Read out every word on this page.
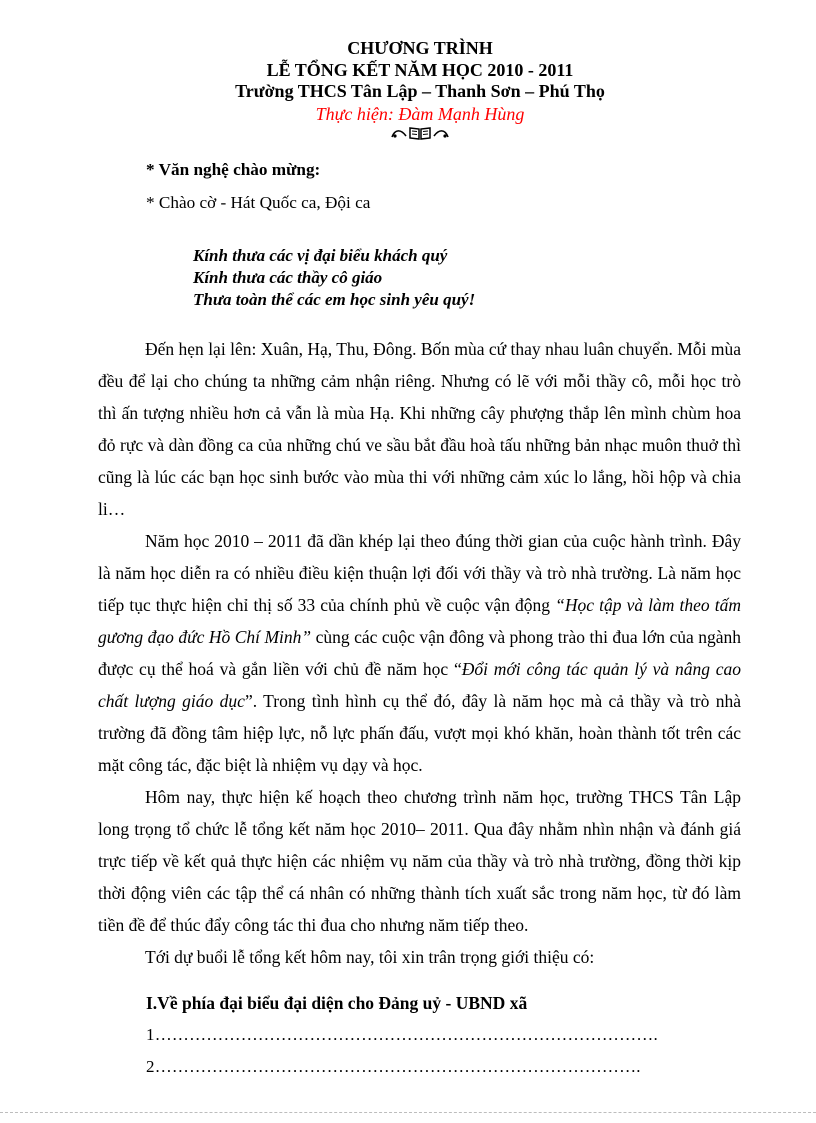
CHƯƠNG TRÌNH
LỄ TỔNG KẾT NĂM HỌC 2010 - 2011
Trường THCS Tân Lập – Thanh Sơn – Phú Thọ
Thực hiện: Đàm Mạnh Hùng
* Văn nghệ chào mừng:
* Chào cờ - Hát Quốc ca, Đội ca
Kính thưa các vị đại biểu khách quý
Kính thưa các thầy cô giáo
Thưa toàn thể các em học sinh yêu quý!

Đến hẹn lại lên: Xuân, Hạ, Thu, Đông. Bốn mùa cứ thay nhau luân chuyển. Mỗi mùa đều để lại cho chúng ta những cảm nhận riêng. Nhưng có lẽ với mỗi thầy cô, mỗi học trò thì ấn tượng nhiều hơn cả vẫn là mùa Hạ. Khi những cây phượng thắp lên mình chùm hoa đỏ rực và dàn đồng ca của những chú ve sầu bắt đầu hoà tấu những bản nhạc muôn thuở thì cũng là lúc các bạn học sinh bước vào mùa thi với những cảm xúc lo lắng, hồi hộp và chia li…

Năm học 2010 – 2011 đã dần khép lại theo đúng thời gian của cuộc hành trình. Đây là năm học diễn ra có nhiều điều kiện thuận lợi đối với thầy và trò nhà trường. Là năm học tiếp tục thực hiện chỉ thị số 33 của chính phủ về cuộc vận động “Học tập và làm theo tấm gương đạo đức Hồ Chí Minh” cùng các cuộc vận đông và phong trào thi đua lớn của ngành được cụ thể hoá và gắn liền với chủ đề năm học “Đổi mới công tác quản lý và nâng cao chất lượng giáo dục”. Trong tình hình cụ thể đó, đây là năm học mà cả thầy và trò nhà trường đã đồng tâm hiệp lực, nỗ lực phấn đấu, vượt mọi khó khăn, hoàn thành tốt trên các mặt công tác, đặc biệt là nhiệm vụ dạy và học.

Hôm nay, thực hiện kế hoạch theo chương trình năm học, trường THCS Tân Lập long trọng tổ chức lễ tổng kết năm học 2010– 2011. Qua đây nhằm nhìn nhận và đánh giá trực tiếp về kết quả thực hiện các nhiệm vụ năm của thầy và trò nhà trường, đồng thời kịp thời động viên các tập thể cá nhân có những thành tích xuất sắc trong năm học, từ đó làm tiền đề để thúc đẩy công tác thi đua cho nhưng năm tiếp theo.

Tới dự buổi lễ tổng kết hôm nay, tôi xin trân trọng giới thiệu có:

I.Về phía đại biểu đại diện cho Đảng uỷ - UBND xã
1…………………………………………………………………………….
2………………………………………………………………………….
